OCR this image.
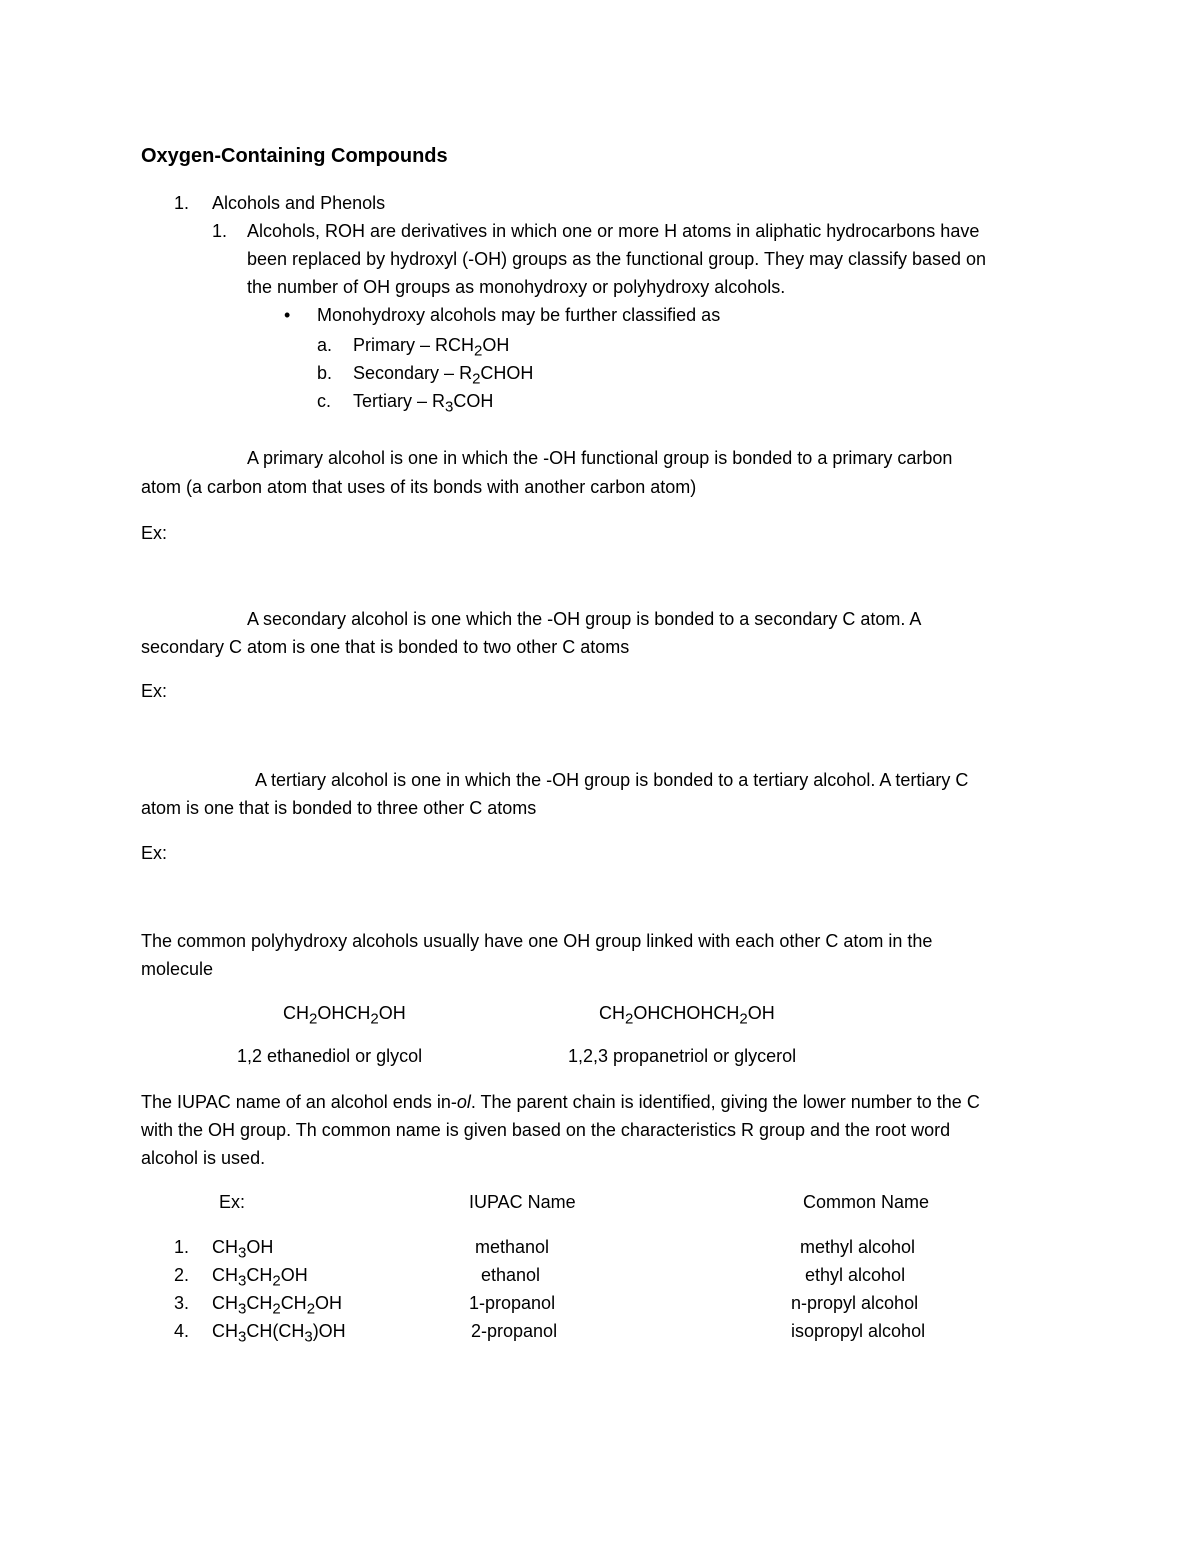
Oxygen-Containing Compounds
1. Alcohols and Phenols
1. Alcohols, ROH are derivatives in which one or more H atoms in aliphatic hydrocarbons have
been replaced by hydroxyl (-OH) groups as the functional group. They may classify based on
the number of OH groups as monohydroxy or polyhydroxy alcohols.
• Monohydroxy alcohols may be further classified as
a. Primary – $RCH_2OH$
b. Secondary – $R_2CHOH$
c. Tertiary – $R_3COH$
A primary alcohol is one in which the -OH functional group is bonded to a primary carbon
atom (a carbon atom that uses of its bonds with another carbon atom)
Ex:
A secondary alcohol is one which the -OH group is bonded to a secondary C atom. A
secondary C atom is one that is bonded to two other C atoms
Ex:
A tertiary alcohol is one in which the -OH group is bonded to a tertiary alcohol. A tertiary C
atom is one that is bonded to three other C atoms
Ex:
The common polyhydroxy alcohols usually have one OH group linked with each other C atom in the
molecule
$CH_2OHCH_2OH$	$CH_2OHCHOHCH_2OH$
1,2 ethanediol or glycol	1,2,3 propanetriol or glycerol
The IUPAC name of an alcohol ends in-ol. The parent chain is identified, giving the lower number to the C
with the OH group. Th common name is given based on the characteristics R group and the root word
alcohol is used.
Ex:	IUPAC Name	Common Name
1. $CH_3OH$	methanol	methyl alcohol
2. $CH_3CH_2OH$	ethanol	ethyl alcohol
3. $CH_3CH_2CH_2OH$	1-propanol	n-propyl alcohol
4. $CH_3CH(CH_3)OH$	2-propanol	isopropyl alcohol
